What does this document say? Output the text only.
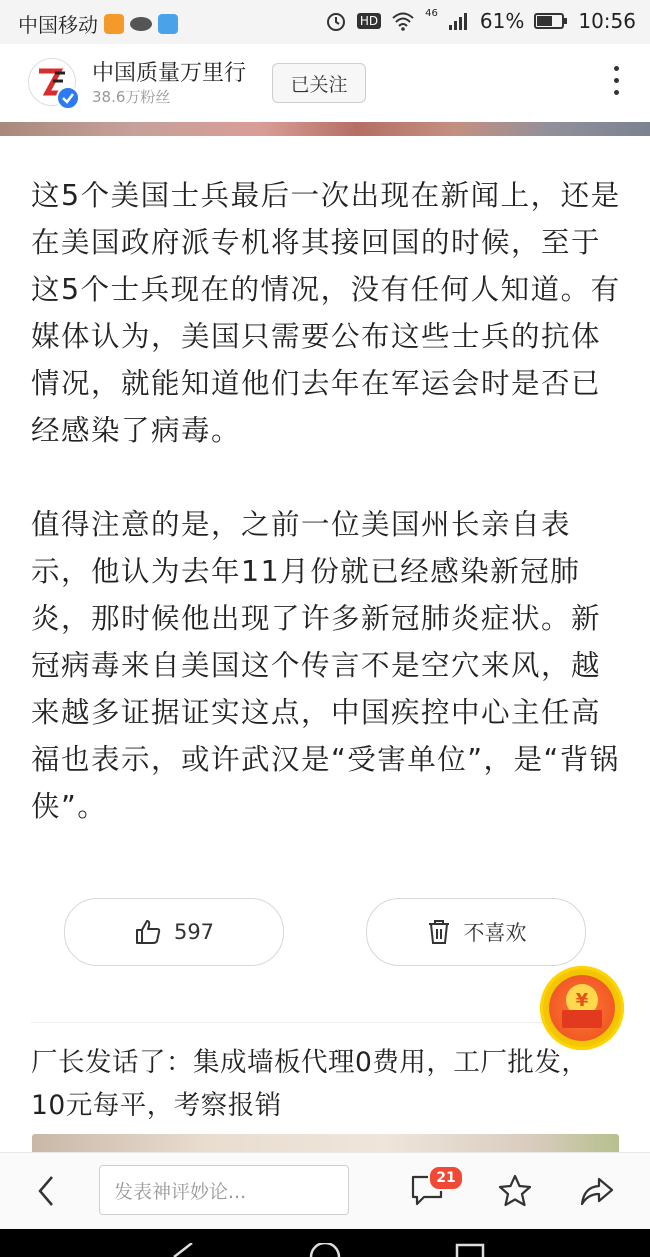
中国移动	HD
46 61%	10:56
中国质量万里行
38.6万粉丝
已关注

这5个美国士兵最后一次出现在新闻上，还是在美国政府派专机将其接回国的时候，至于这5个士兵现在的情况，没有任何人知道。有媒体认为，美国只需要公布这些士兵的抗体情况，就能知道他们去年在军运会时是否已经感染了病毒。

值得注意的是，之前一位美国州长亲自表示，他认为去年11月份就已经感染新冠肺炎，那时候他出现了许多新冠肺炎症状。新冠病毒来自美国这个传言不是空穴来风，越来越多证据证实这点，中国疾控中心主任高福也表示，或许武汉是“受害单位”，是“背锅侠”。

597	不喜欢
¥

厂长发话了：集成墙板代理0费用，工厂批发，10元每平，考察报销

发表神评妙论...
21
